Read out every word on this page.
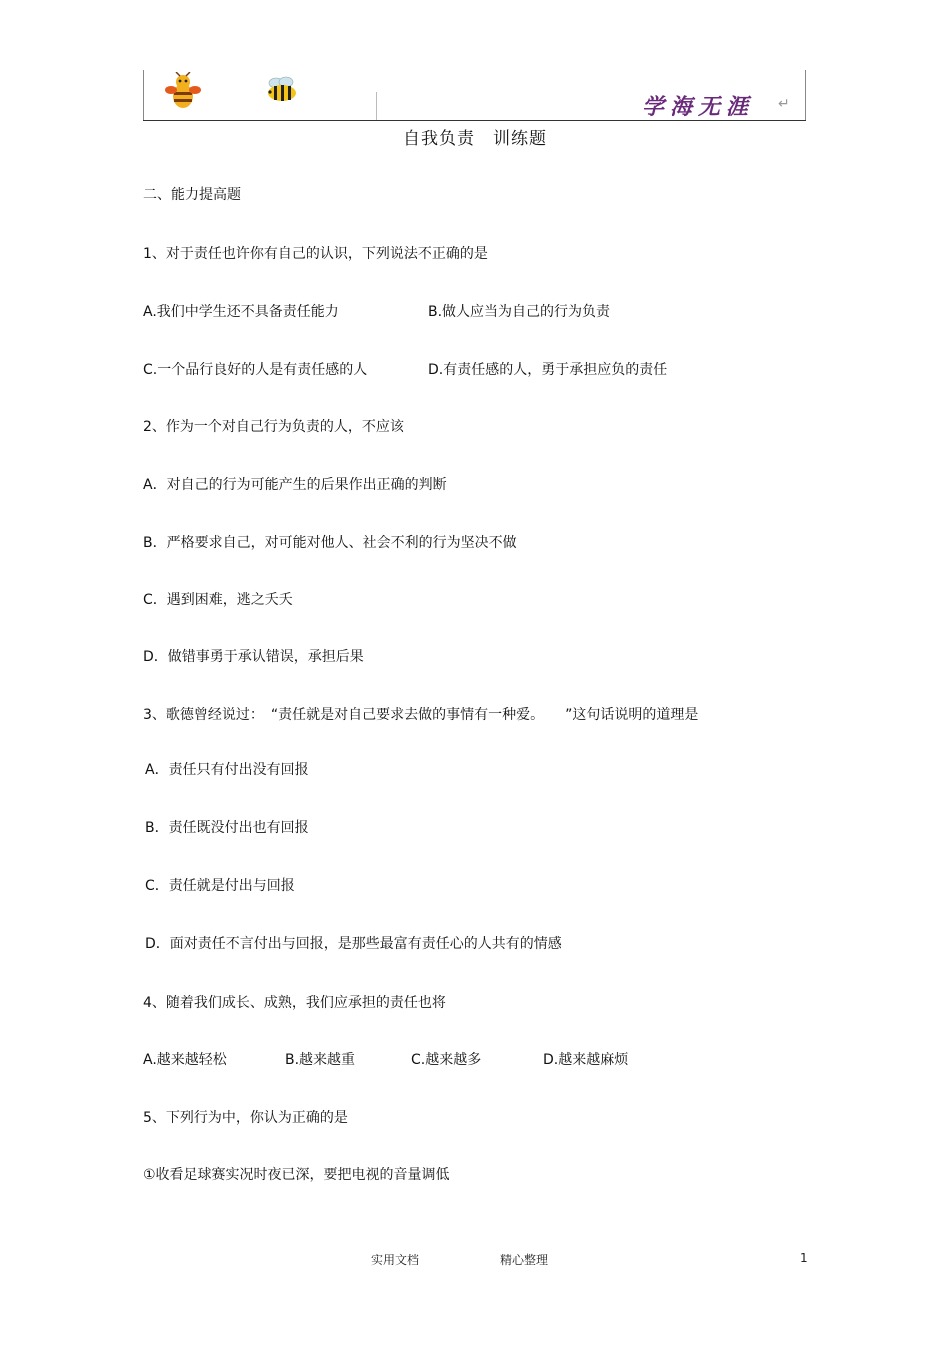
学海无涯 ↵
自我负责　训练题
二、能力提高题
1、对于责任也许你有自己的认识，下列说法不正确的是
A.我们中学生还不具备责任能力	B.做人应当为自己的行为负责
C.一个品行良好的人是有责任感的人	D.有责任感的人，勇于承担应负的责任
2、作为一个对自己行为负责的人，不应该
A．对自己的行为可能产生的后果作出正确的判断
B．严格要求自己，对可能对他人、社会不利的行为坚决不做
C．遇到困难，逃之夭夭
D．做错事勇于承认错误，承担后果
3、歌德曾经说过：　“责任就是对自己要求去做的事情有一种爱。　　”这句话说明的道理是
A．责任只有付出没有回报
B．责任既没付出也有回报
C．责任就是付出与回报
D．面对责任不言付出与回报，是那些最富有责任心的人共有的情感
4、随着我们成长、成熟，我们应承担的责任也将
A.越来越轻松	B.越来越重	C.越来越多	D.越来越麻烦
5、下列行为中，你认为正确的是
①收看足球赛实况时夜已深，要把电视的音量调低
实用文档	精心整理	1
